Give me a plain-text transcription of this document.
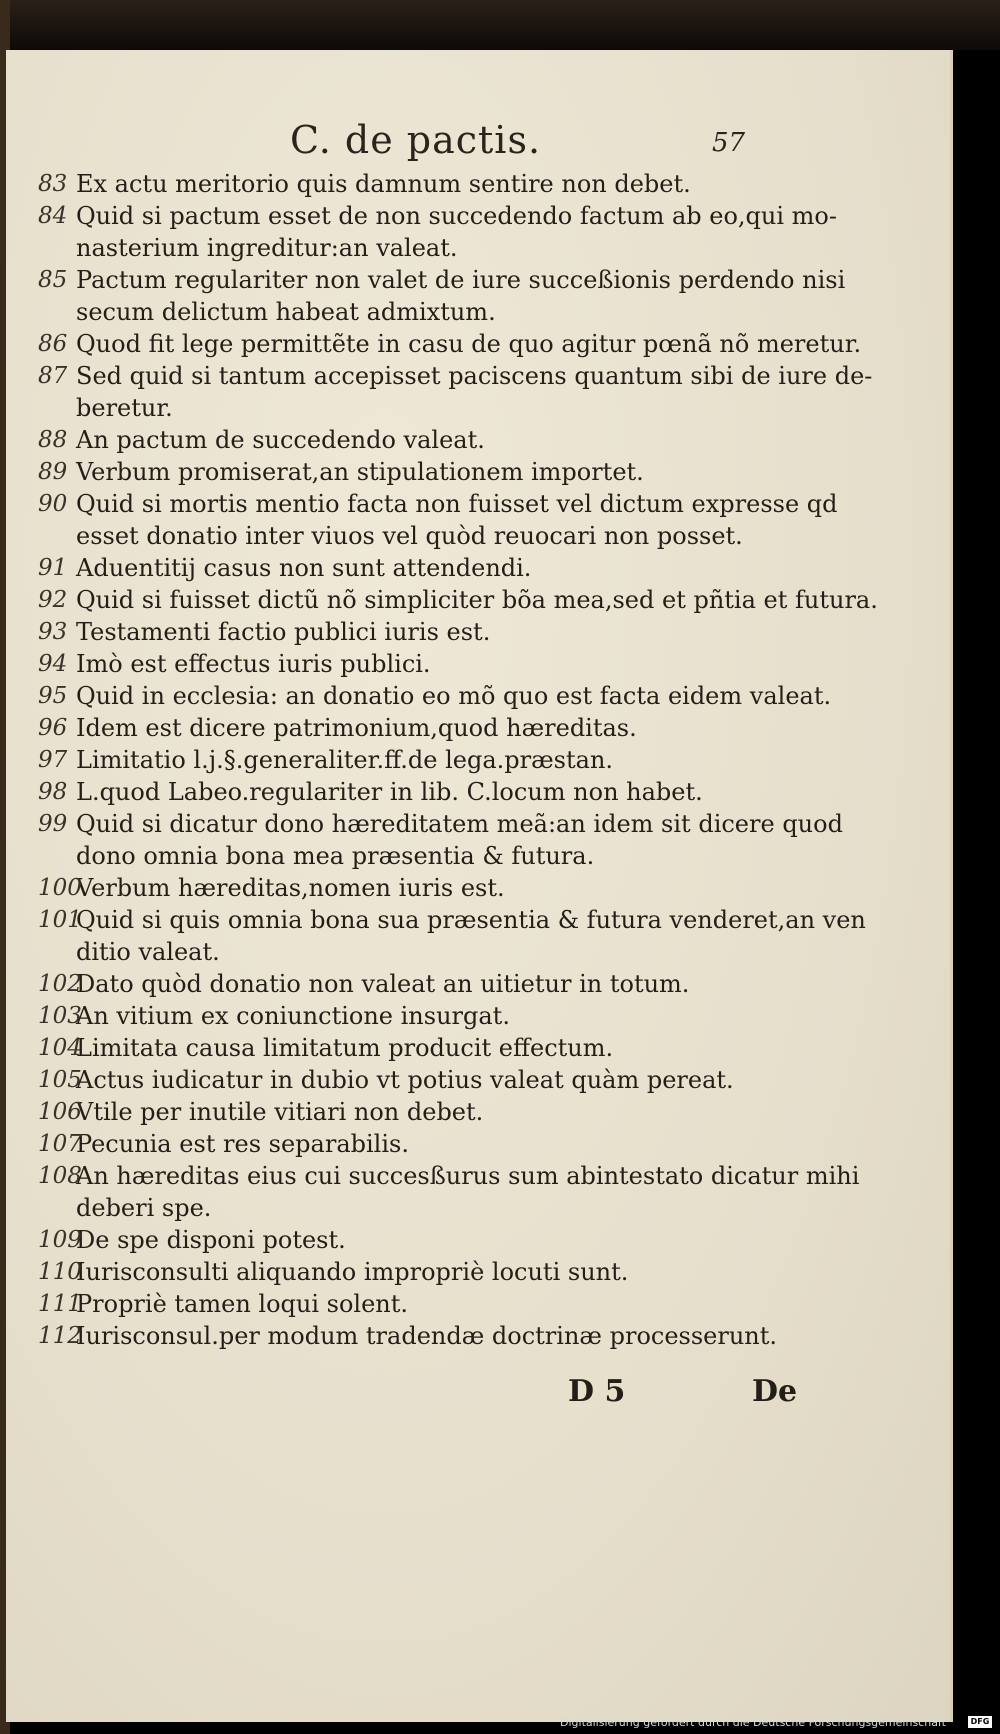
C. de pactis.	57
83 Ex actu meritorio quis damnum sentire non debet.
84 Quid si pactum esset de non succedendo factum ab eo,qui mo-
nasterium ingreditur:an valeat.
85 Pactum regulariter non valet de iure succeßionis perdendo nisi
secum delictum habeat admixtum.
86 Quod fit lege permittẽte in casu de quo agitur pœnã nõ meretur.
87 Sed quid si tantum accepisset paciscens quantum sibi de iure de-
beretur.
88 An pactum de succedendo valeat.
89 Verbum promiserat,an stipulationem importet.
90 Quid si mortis mentio facta non fuisset vel dictum expresse qd
esset donatio inter viuos vel quòd reuocari non posset.
91 Aduentitij casus non sunt attendendi.
92 Quid si fuisset dictũ nõ simpliciter bõa mea,sed et pñtia et futura.
93 Testamenti factio publici iuris est.
94 Imò est effectus iuris publici.
95 Quid in ecclesia: an donatio eo mõ quo est facta eidem valeat.
96 Idem est dicere patrimonium,quod hæreditas.
97 Limitatio l.j.§.generaliter.ff.de lega.præstan.
98 L.quod Labeo.regulariter in lib. C.locum non habet.
99 Quid si dicatur dono hæreditatem meã:an idem sit dicere quod
dono omnia bona mea præsentia & futura.
100
Verbum hæreditas,nomen iuris est.
101
Quid si quis omnia bona sua præsentia & futura venderet,an ven
ditio valeat.
102
Dato quòd donatio non valeat an uitietur in totum.
103
An vitium ex coniunctione insurgat.
104
Limitata causa limitatum producit effectum.
105
Actus iudicatur in dubio vt potius valeat quàm pereat.
106
Vtile per inutile vitiari non debet.
107
Pecunia est res separabilis.
108
An hæreditas eius cui succesßurus sum abintestato dicatur mihi
deberi spe.
109
De spe disponi potest.
110
Iurisconsulti aliquando impropriè locuti sunt.
111
Propriè tamen loqui solent.
112
Iurisconsul.per modum tradendæ doctrinæ processerunt.
D 5	De
Digitalisierung gefördert durch die Deutsche Forschungsgemeinschaft	DFG
